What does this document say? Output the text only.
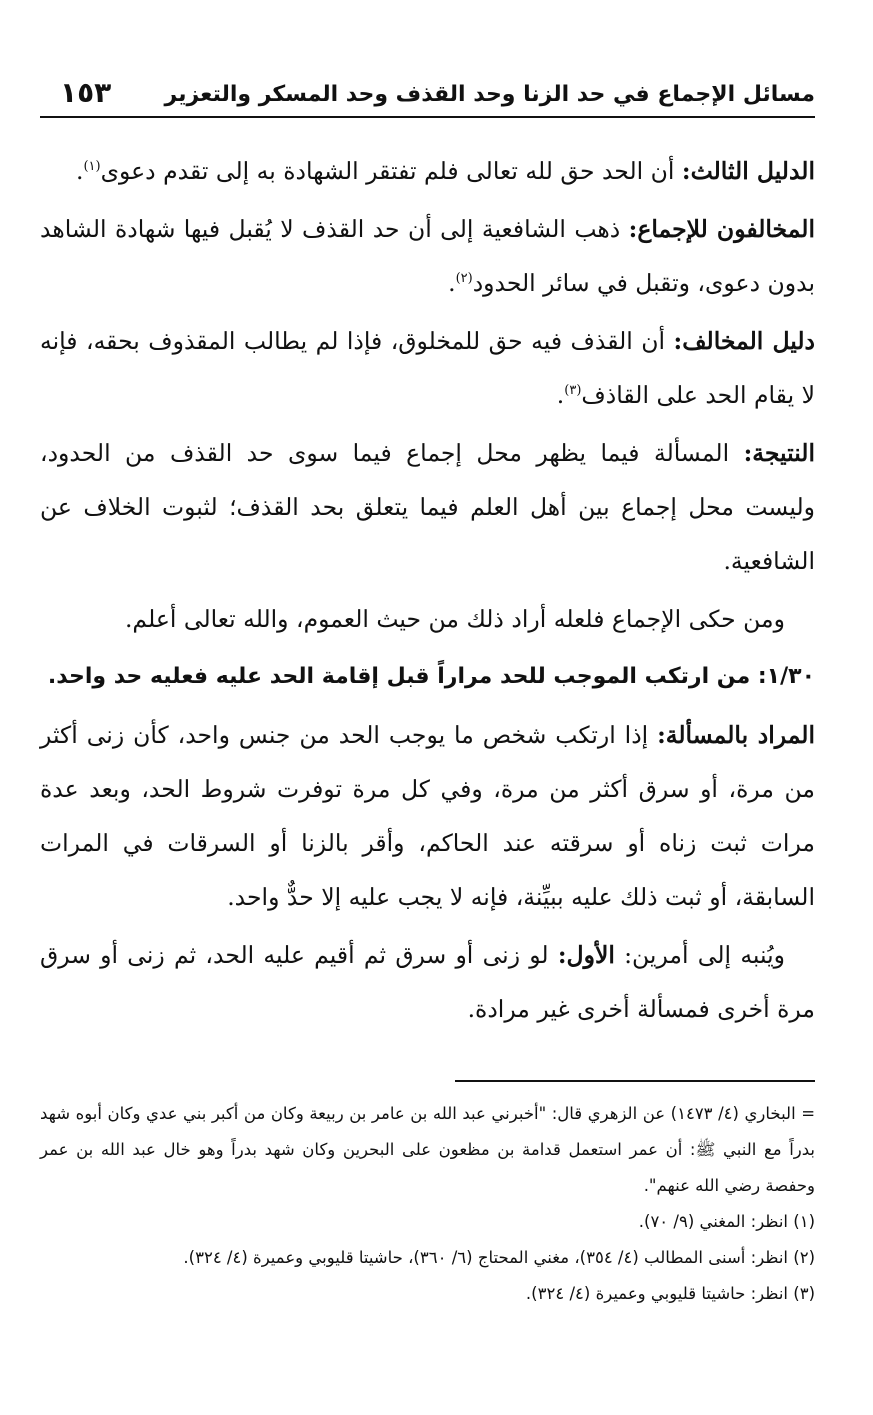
مسائل الإجماع في حد الزنا وحد القذف وحد المسكر والتعزير
١٥٣

الدليل الثالث: أن الحد حق لله تعالى فلم تفتقر الشهادة به إلى تقدم دعوى$^{(١)}$.

المخالفون للإجماع: ذهب الشافعية إلى أن حد القذف لا يُقبل فيها شهادة الشاهد بدون دعوى، وتقبل في سائر الحدود$^{(٢)}$.

دليل المخالف: أن القذف فيه حق للمخلوق، فإذا لم يطالب المقذوف بحقه، فإنه لا يقام الحد على القاذف$^{(٣)}$.

النتيجة: المسألة فيما يظهر محل إجماع فيما سوى حد القذف من الحدود، وليست محل إجماع بين أهل العلم فيما يتعلق بحد القذف؛ لثبوت الخلاف عن الشافعية.

ومن حكى الإجماع فلعله أراد ذلك من حيث العموم، والله تعالى أعلم.

١/٣٠: من ارتكب الموجب للحد مراراً قبل إقامة الحد عليه فعليه حد واحد.

المراد بالمسألة: إذا ارتكب شخص ما يوجب الحد من جنس واحد، كأن زنى أكثر من مرة، أو سرق أكثر من مرة، وفي كل مرة توفرت شروط الحد، وبعد عدة مرات ثبت زناه أو سرقته عند الحاكم، وأقر بالزنا أو السرقات في المرات السابقة، أو ثبت ذلك عليه ببيِّنة، فإنه لا يجب عليه إلا حدٌّ واحد.

ويُنبه إلى أمرين: الأول: لو زنى أو سرق ثم أقيم عليه الحد، ثم زنى أو سرق مرة أخرى فمسألة أخرى غير مرادة.

= البخاري (٤/ ١٤٧٣) عن الزهري قال: "أخبرني عبد الله بن عامر بن ربيعة وكان من أكبر بني عدي وكان أبوه شهد بدراً مع النبي ﷺ: أن عمر استعمل قدامة بن مظعون على البحرين وكان شهد بدراً وهو خال عبد الله بن عمر وحفصة رضي الله عنهم".

(١) انظر: المغني (٩/ ٧٠).

(٢) انظر: أسنى المطالب (٤/ ٣٥٤)، مغني المحتاج (٦/ ٣٦٠)، حاشيتا قليوبي وعميرة (٤/ ٣٢٤).

(٣) انظر: حاشيتا قليوبي وعميرة (٤/ ٣٢٤).
